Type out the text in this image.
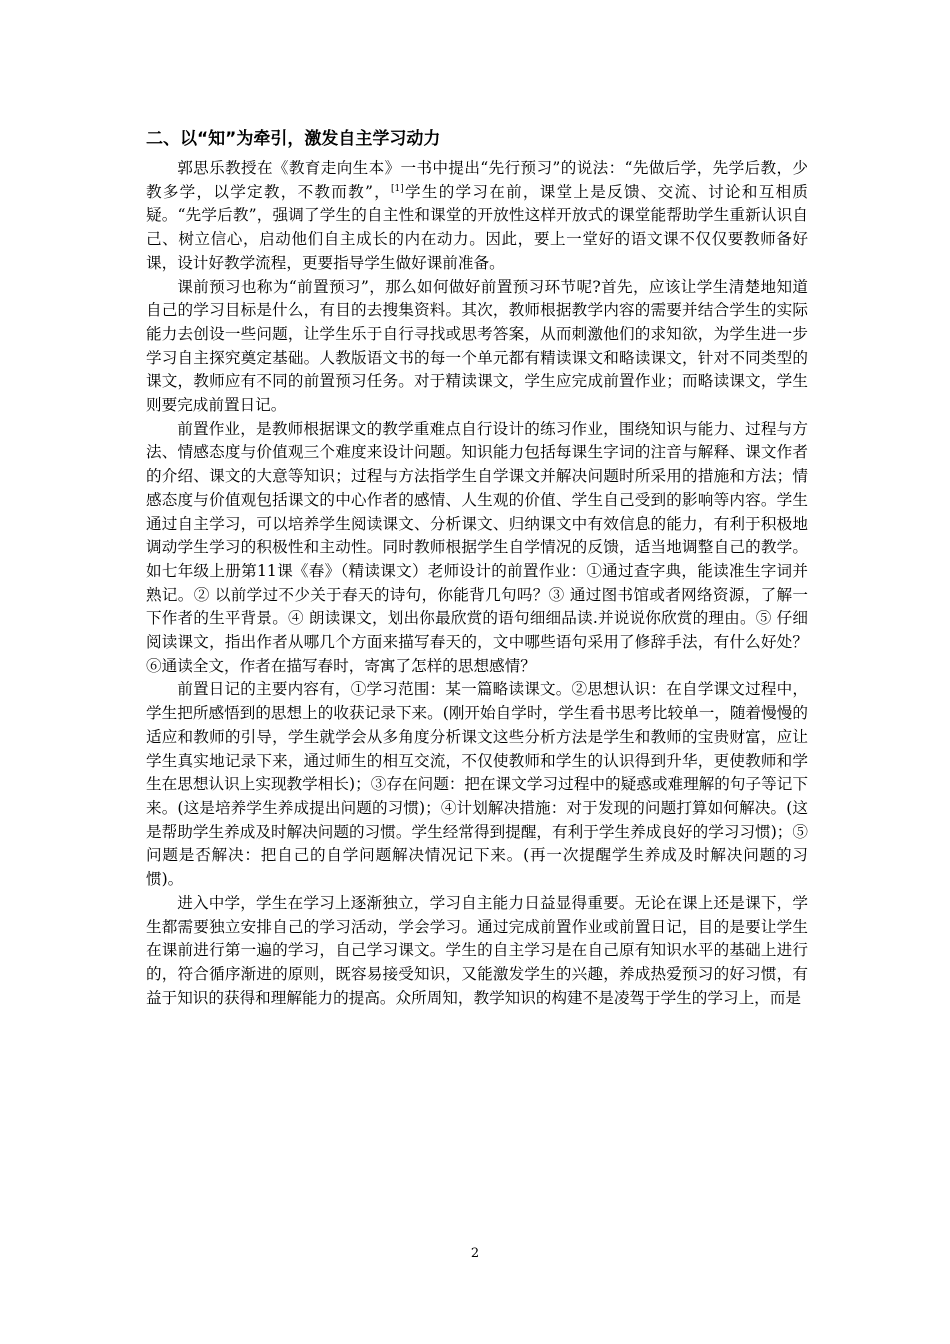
二、以“知”为牵引，激发自主学习动力

郭思乐教授在《教育走向生本》一书中提出“先行预习”的说法：“先做后学，先学后教，少教多学，以学定教，不教而教”，[1]学生的学习在前，课堂上是反馈、交流、讨论和互相质疑。“先学后教”，强调了学生的自主性和课堂的开放性这样开放式的课堂能帮助学生重新认识自己、树立信心，启动他们自主成长的内在动力。因此，要上一堂好的语文课不仅仅要教师备好课，设计好教学流程，更要指导学生做好课前准备。

课前预习也称为“前置预习”，那么如何做好前置预习环节呢?首先，应该让学生清楚地知道自己的学习目标是什么，有目的去搜集资料。其次，教师根据教学内容的需要并结合学生的实际能力去创设一些问题，让学生乐于自行寻找或思考答案，从而刺激他们的求知欲，为学生进一步学习自主探究奠定基础。人教版语文书的每一个单元都有精读课文和略读课文，针对不同类型的课文，教师应有不同的前置预习任务。对于精读课文，学生应完成前置作业；而略读课文，学生则要完成前置日记。

前置作业，是教师根据课文的教学重难点自行设计的练习作业，围绕知识与能力、过程与方法、情感态度与价值观三个难度来设计问题。知识能力包括每课生字词的注音与解释、课文作者的介绍、课文的大意等知识；过程与方法指学生自学课文并解决问题时所采用的措施和方法；情感态度与价值观包括课文的中心作者的感情、人生观的价值、学生自己受到的影响等内容。学生通过自主学习，可以培养学生阅读课文、分析课文、归纳课文中有效信息的能力，有利于积极地调动学生学习的积极性和主动性。同时教师根据学生自学情况的反馈，适当地调整自己的教学。如七年级上册第11课《春》（精读课文）老师设计的前置作业：①通过查字典，能读准生字词并熟记。② 以前学过不少关于春天的诗句，你能背几句吗？③ 通过图书馆或者网络资源，了解一下作者的生平背景。④ 朗读课文，划出你最欣赏的语句细细品读.并说说你欣赏的理由。⑤ 仔细阅读课文，指出作者从哪几个方面来描写春天的，文中哪些语句采用了修辞手法，有什么好处？⑥通读全文，作者在描写春时，寄寓了怎样的思想感情？

前置日记的主要内容有，①学习范围：某一篇略读课文。②思想认识：在自学课文过程中，学生把所感悟到的思想上的收获记录下来。(刚开始自学时，学生看书思考比较单一，随着慢慢的适应和教师的引导，学生就学会从多角度分析课文这些分析方法是学生和教师的宝贵财富，应让学生真实地记录下来，通过师生的相互交流，不仅使教师和学生的认识得到升华，更使教师和学生在思想认识上实现教学相长)；③存在问题：把在课文学习过程中的疑惑或难理解的句子等记下来。(这是培养学生养成提出问题的习惯)；④计划解决措施：对于发现的问题打算如何解决。(这是帮助学生养成及时解决问题的习惯。学生经常得到提醒，有利于学生养成良好的学习习惯)；⑤问题是否解决：把自己的自学问题解决情况记下来。(再一次提醒学生养成及时解决问题的习惯)。

进入中学，学生在学习上逐渐独立，学习自主能力日益显得重要。无论在课上还是课下，学生都需要独立安排自己的学习活动，学会学习。通过完成前置作业或前置日记，目的是要让学生在课前进行第一遍的学习，自己学习课文。学生的自主学习是在自己原有知识水平的基础上进行的，符合循序渐进的原则，既容易接受知识，又能激发学生的兴趣，养成热爱预习的好习惯，有益于知识的获得和理解能力的提高。众所周知，教学知识的构建不是凌驾于学生的学习上，而是

2
